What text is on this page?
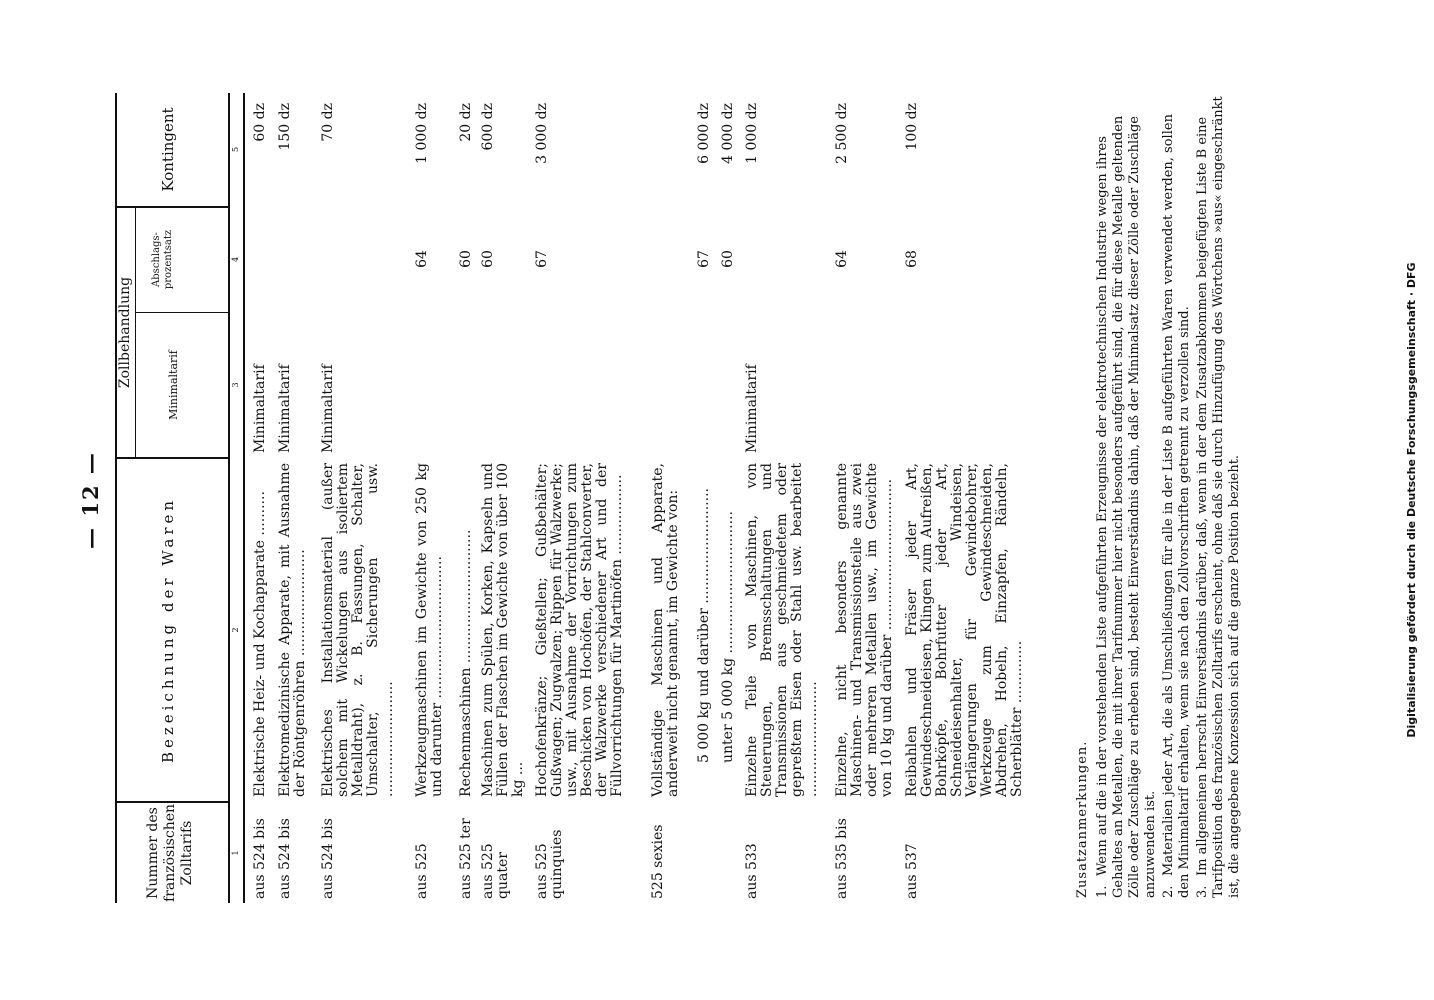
— 12 —
Nummer des französischen Zolltarifs
Bezeichnung der Waren
Zollbehandlung	Minimaltarif
Abschlags-prozentsatz
Kontingent
1
2
3
4
5
aus 524 bis
Elektrische Heiz- und Kochapparate ..........
Minimaltarif
60 dz
aus 524 bis
Elektromedizinische Apparate, mit Ausnahme der Röntgenröhren ........................
Minimaltarif
150 dz
aus 524 bis
Elektrisches Installationsmaterial (außer solchem mit Wickelungen aus isoliertem Metalldraht), z. B. Fassungen, Schalter, Umschalter, Sicherungen usw. ..........................
Minimaltarif
70 dz
aus 525
Werkzeugmaschinen im Gewichte von 250 kg und darunter ................................
64
1 000 dz
aus 525 ter
Rechenmaschinen ..............................
60
20 dz
aus 525 quater
Maschinen zum Spülen, Korken, Kapseln und Füllen der Flaschen im Gewichte von über 100 kg ...
60
600 dz
aus 525 quinquies
Hochofenkränze; Gießtellen; Gußbehälter; Gußwagen; Zugwalzen; Rippen für Walzwerke; usw., mit Ausnahme der Vorrichtungen zum Beschicken von Hochöfen, der Stahlconverter, der Walzwerke verschiedener Art und der Füllvorrichtungen für Martinöfen ..................
67
3 000 dz
525 sexies
Vollständige Maschinen und Apparate, anderweit nicht genannt, im Gewichte von: 5 000 kg und darüber ..........................
67
6 000 dz
unter 5 000 kg ................................
60
4 000 dz
aus 533
Einzelne Teile von Maschinen, von Steuerungen, Bremsschaltungen und Transmissionen aus geschmiedetem oder gepreßtem Eisen oder Stahl usw. bearbeitet ..........................
Minimaltarif
1 000 dz
aus 535 bis
Einzelne, nicht besonders genannte Maschinen- und Transmissionsteile aus zwei oder mehreren Metallen usw., im Gewichte von 10 kg und darüber ..................................
64
2 500 dz
aus 537
Reibahlen und Fräser jeder Art, Gewindeschneideisen, Klingen zum Aufreißen, Bohrköpfe, Bohrfutter jeder Art, Schneideisenhalter, Windeisen, Verlängerungen für Gewindebohrer, Werkzeuge zum Gewindeschneiden, Abdrehen, Hobeln, Einzapfen, Rändeln, Scherblätter ..............
68
100 dz

Zusatzanmerkungen. 1.Wenn auf die in der vorstehenden Liste aufgeführten Erzeugnisse der elektrotechnischen Industrie wegen ihres Gehaltes an Metallen, die mit ihrer Tarifnummer hier nicht besonders aufgeführt sind, die für diese Metalle geltenden Zölle oder Zuschläge zu erheben sind, besteht Einverständnis dahin, daß der Minimalsatz dieser Zölle oder Zuschläge anzuwenden ist. 2.Materialien jeder Art, die als Umschließungen für alle in der Liste B aufgeführten Waren verwendet werden, sollen den Minimaltarif erhalten, wenn sie nach den Zollvorschriften getrennt zu verzollen sind. 3.Im allgemeinen herrscht Einverständnis darüber, daß, wenn in der dem Zusatzabkommen beigefügten Liste B eine Tarifposition des französischen Zolltarifs erscheint, ohne daß sie durch Hinzufügung des Wörtchens »aus« eingeschränkt ist, die angegebene Konzession sich auf die ganze Position bezieht.	Digitalisierung gefördert durch die Deutsche Forschungsgemeinschaft · DFG
